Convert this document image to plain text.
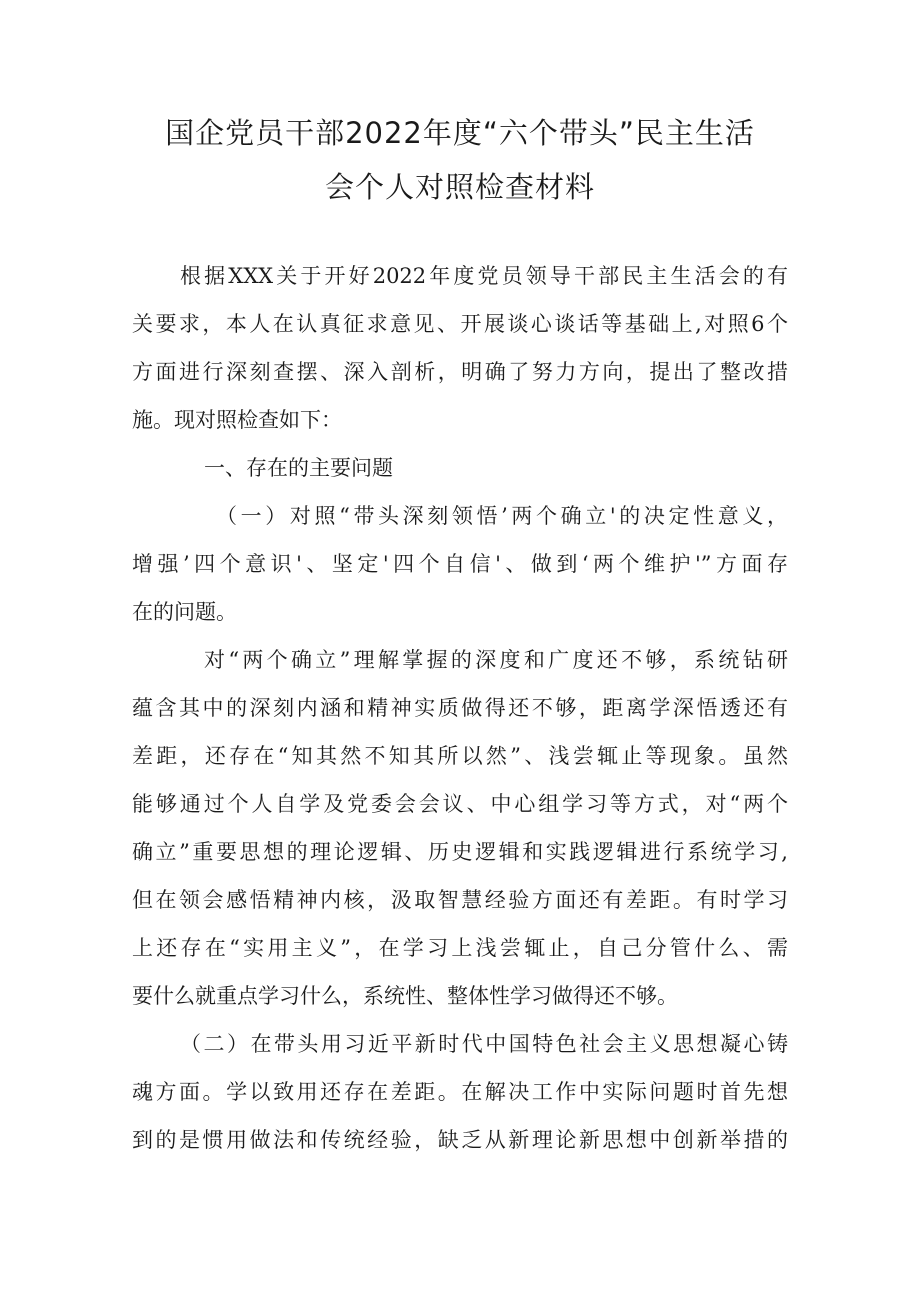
国企党员干部2022年度“六个带头”民主生活
会个人对照检查材料
根据XXX关于开好2022年度党员领导干部民主生活会的有
关要求，本人在认真征求意见、开展谈心谈话等基础上,对照6个
方面进行深刻查摆、深入剖析，明确了努力方向，提出了整改措
施。现对照检查如下：
一、存在的主要问题
（一）对照“带头深刻领悟’两个确立'的决定性意义，
增强’四个意识'、坚定'四个自信'、做到‘两个维护'”方面存
在的问题。
对“两个确立”理解掌握的深度和广度还不够，系统钻研
蕴含其中的深刻内涵和精神实质做得还不够，距离学深悟透还有
差距，还存在“知其然不知其所以然”、浅尝辄止等现象。虽然
能够通过个人自学及党委会会议、中心组学习等方式，对“两个
确立”重要思想的理论逻辑、历史逻辑和实践逻辑进行系统学习,
但在领会感悟精神内核，汲取智慧经验方面还有差距。有时学习
上还存在“实用主义”，在学习上浅尝辄止，自己分管什么、需
要什么就重点学习什么，系统性、整体性学习做得还不够。
（二）在带头用习近平新时代中国特色社会主义思想凝心铸
魂方面。学以致用还存在差距。在解决工作中实际问题时首先想
到的是惯用做法和传统经验，缺乏从新理论新思想中创新举措的
